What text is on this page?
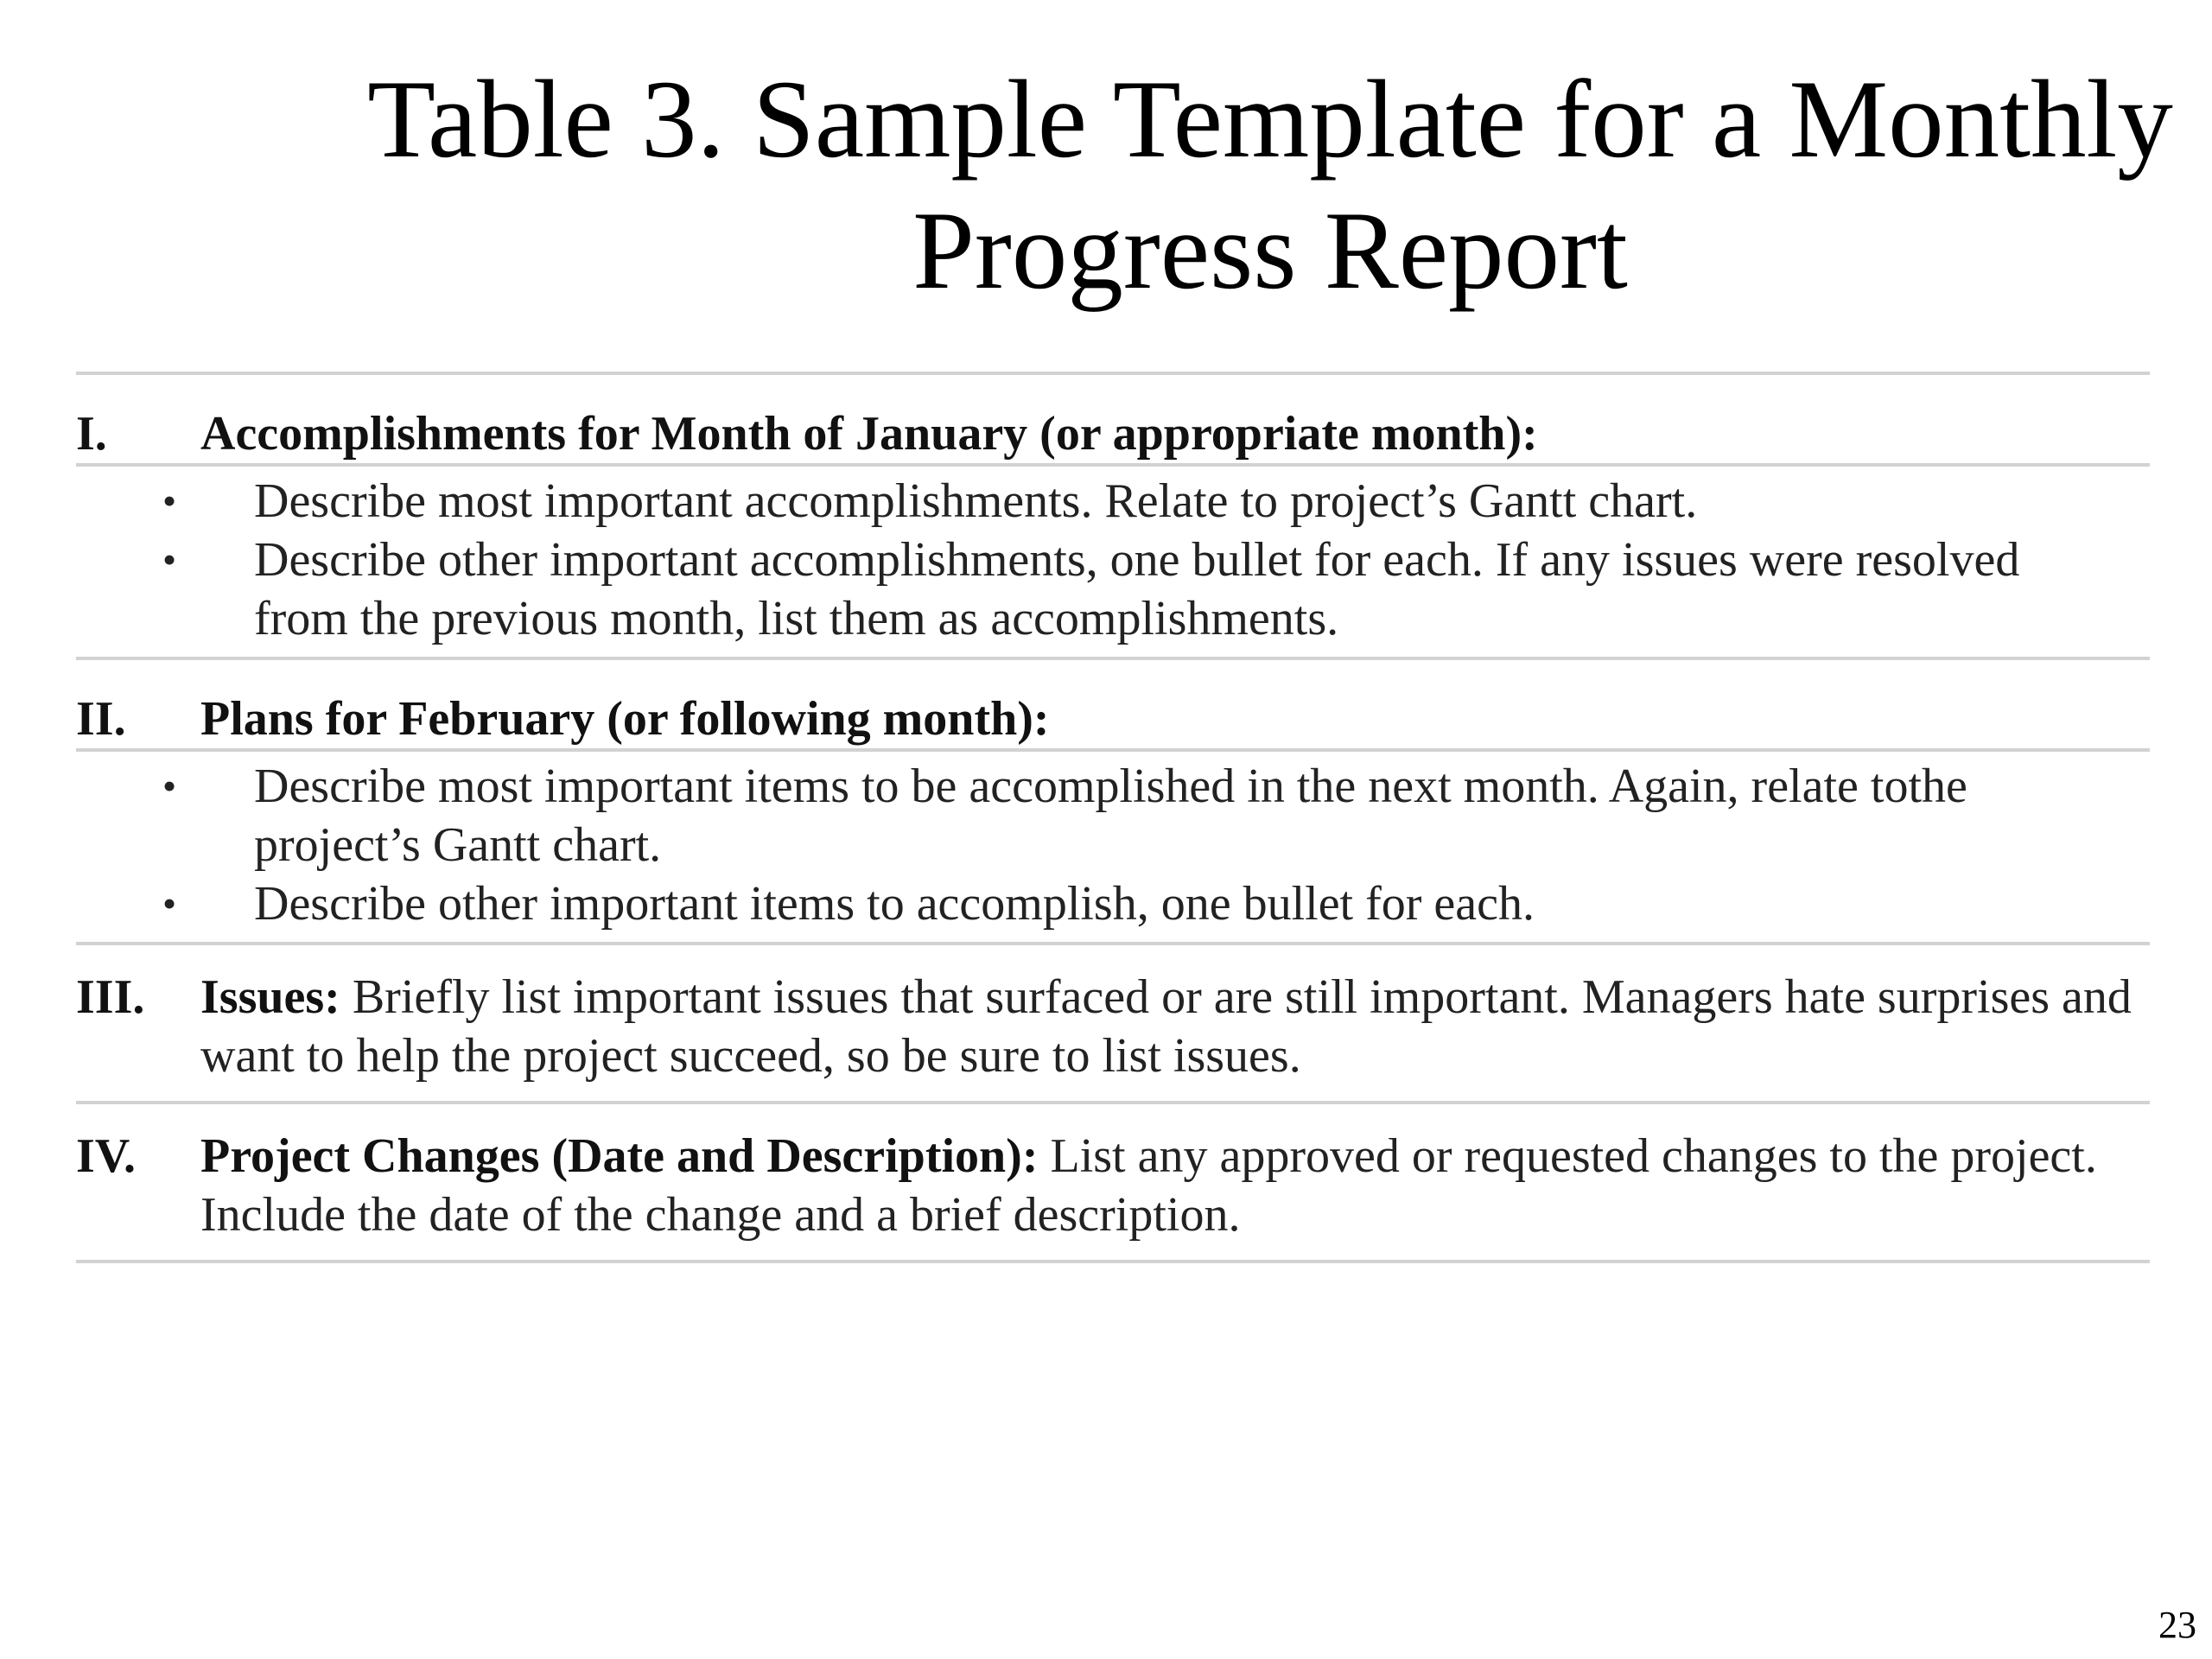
Table 3. Sample Template for a Monthly
Progress Report
I.	Accomplishments for Month of January (or appropriate month):
•	Describe most important accomplishments. Relate to project’s Gantt chart.
•	Describe other important accomplishments, one bullet for each. If any issues were resolved from the previous month, list them as accomplishments.
II.	Plans for February (or following month):
•	Describe most important items to be accomplished in the next month. Again, relate tothe project’s Gantt chart.
•	Describe other important items to accomplish, one bullet for each.
III.	Issues: Briefly list important issues that surfaced or are still important. Managers hate surprises and want to help the project succeed, so be sure to list issues.
IV.	Project Changes (Date and Description): List any approved or requested changes to the project. Include the date of the change and a brief description.
23
